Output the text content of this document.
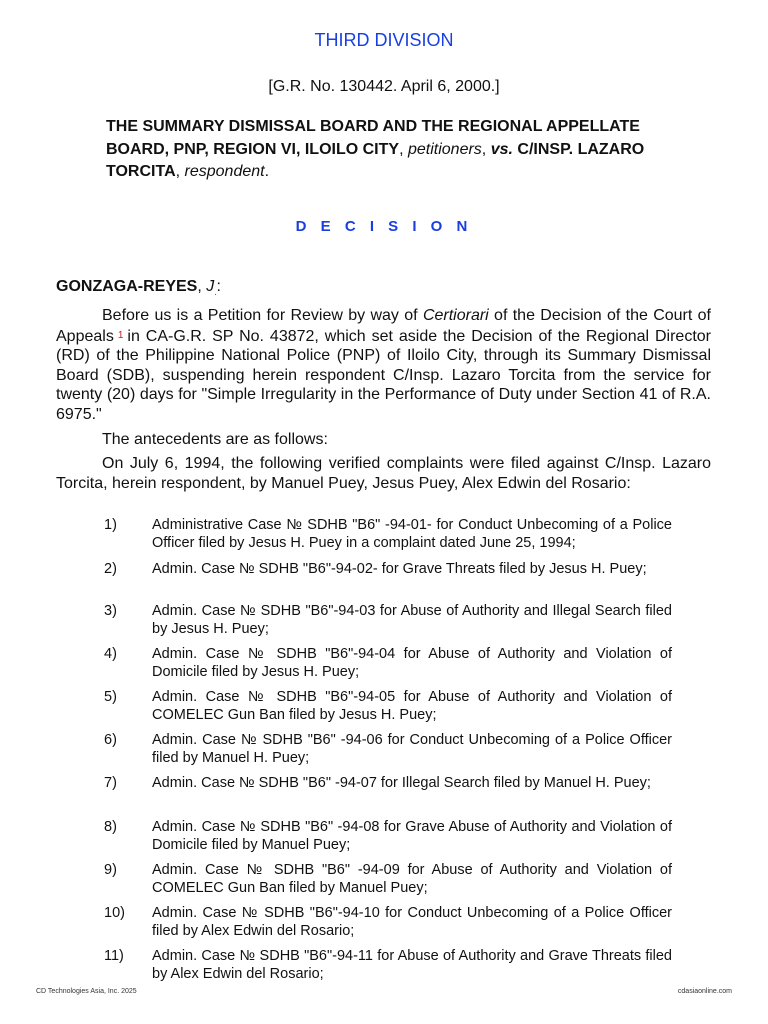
THIRD DIVISION
[G.R. No. 130442. April 6, 2000.]
THE SUMMARY DISMISSAL BOARD AND THE REGIONAL APPELLATE BOARD, PNP, REGION VI, ILOILO CITY, petitioners, vs. C/INSP. LAZARO TORCITA, respondent.
D E C I S I O N
GONZAGA-REYES, $J_.$:

Before us is a Petition for Review by way of Certiorari of the Decision of the Court of Appeals 1 in CA-G.R. SP No. 43872, which set aside the Decision of the Regional Director (RD) of the Philippine National Police (PNP) of Iloilo City, through its Summary Dismissal Board (SDB), suspending herein respondent C/Insp. Lazaro Torcita from the service for twenty (20) days for "Simple Irregularity in the Performance of Duty under Section 41 of R.A. 6975."

The antecedents are as follows:

On July 6, 1994, the following verified complaints were filed against C/Insp. Lazaro Torcita, herein respondent, by Manuel Puey, Jesus Puey, Alex Edwin del Rosario:

1) Administrative Case № SDHB "B6" -94-01- for Conduct Unbecoming of a Police Officer filed by Jesus H. Puey in a complaint dated June 25, 1994;
2) Admin. Case № SDHB "B6"-94-02- for Grave Threats filed by Jesus H. Puey;
3) Admin. Case № SDHB "B6"-94-03 for Abuse of Authority and Illegal Search filed by Jesus H. Puey;
4) Admin. Case № SDHB "B6"-94-04 for Abuse of Authority and Violation of Domicile filed by Jesus H. Puey;
5) Admin. Case № SDHB "B6"-94-05 for Abuse of Authority and Violation of COMELEC Gun Ban filed by Jesus H. Puey;
6) Admin. Case № SDHB "B6" -94-06 for Conduct Unbecoming of a Police Officer filed by Manuel H. Puey;
7) Admin. Case № SDHB "B6" -94-07 for Illegal Search filed by Manuel H. Puey;
8) Admin. Case № SDHB "B6" -94-08 for Grave Abuse of Authority and Violation of Domicile filed by Manuel Puey;
9) Admin. Case № SDHB "B6" -94-09 for Abuse of Authority and Violation of COMELEC Gun Ban filed by Manuel Puey;
10) Admin. Case № SDHB "B6"-94-10 for Conduct Unbecoming of a Police Officer filed by Alex Edwin del Rosario;
11) Admin. Case № SDHB "B6"-94-11 for Abuse of Authority and Grave Threats filed by Alex Edwin del Rosario;
CD Technologies Asia, Inc. 2025	cdasiaonline.com
